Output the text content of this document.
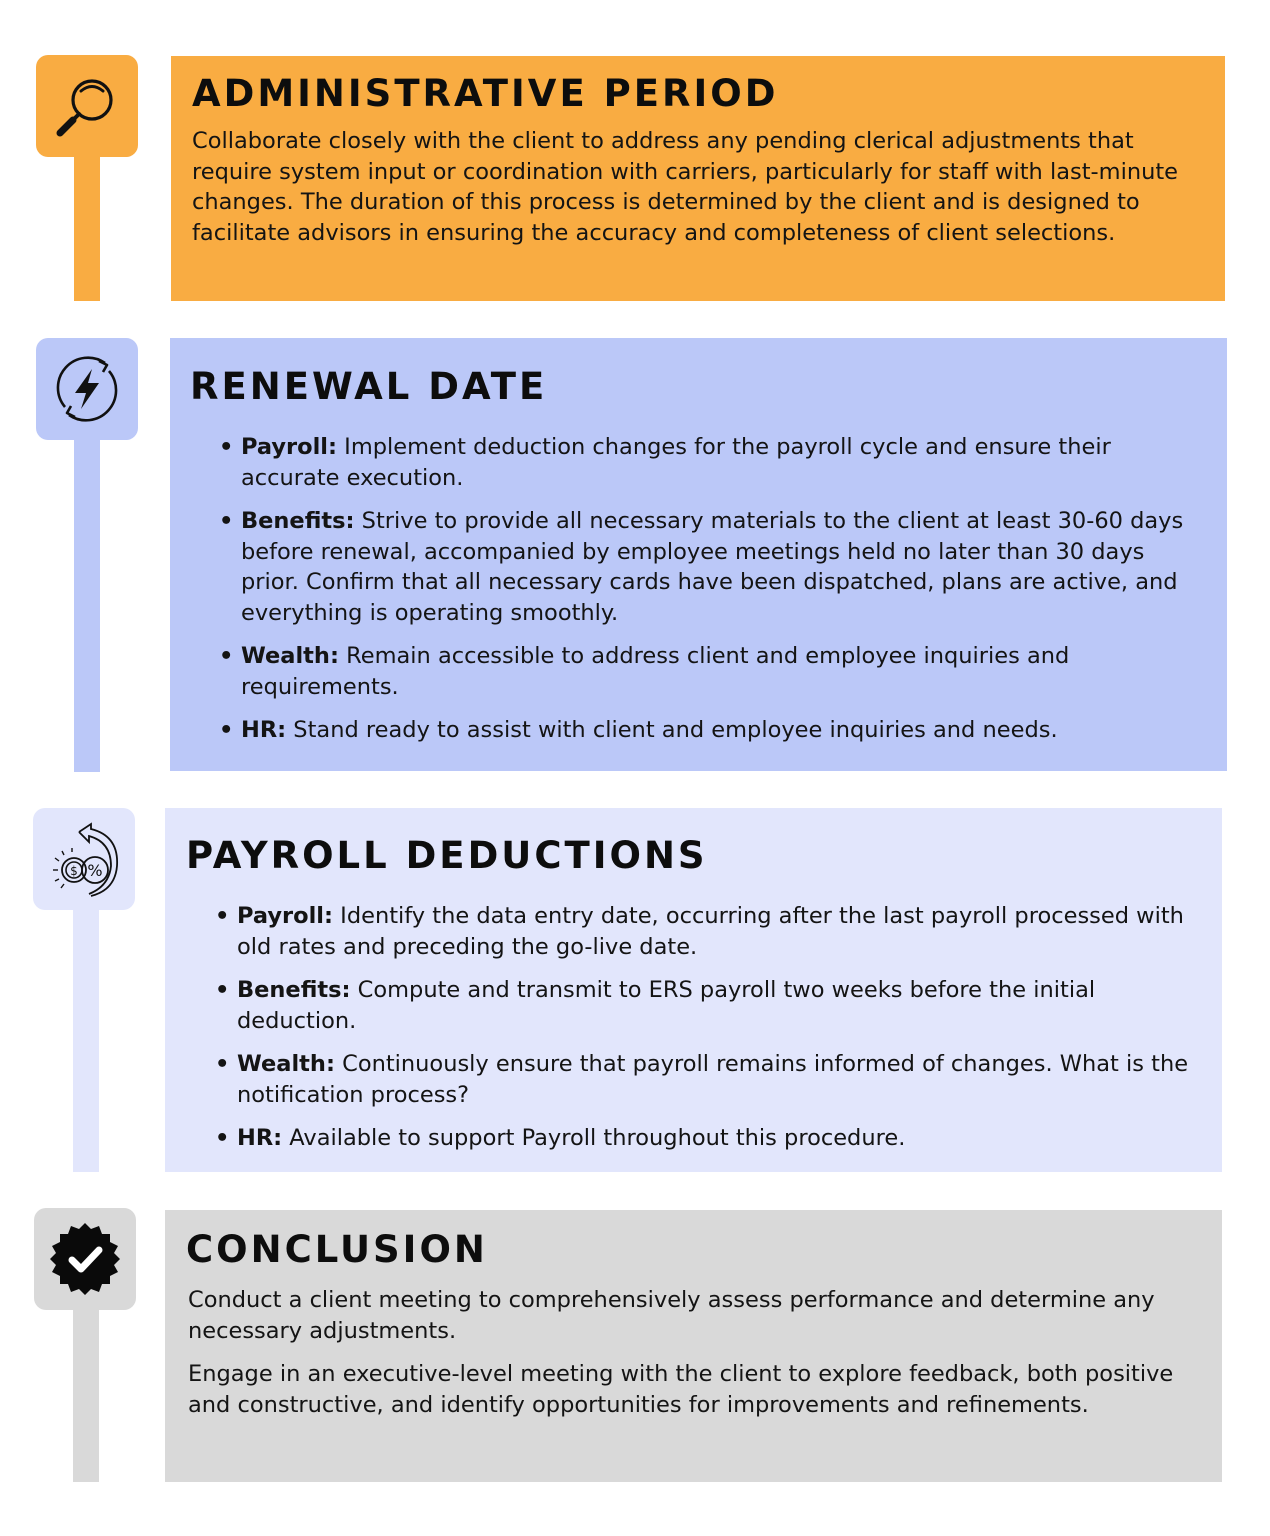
ADMINISTRATIVE PERIOD

Collaborate closely with the client to address any pending clerical adjustments that require system input or coordination with carriers, particularly for staff with last-minute changes. The duration of this process is determined by the client and is designed to facilitate advisors in ensuring the accuracy and completeness of client selections.

RENEWAL DATE
• Payroll: Implement deduction changes for the payroll cycle and ensure their accurate execution.
• Benefits: Strive to provide all necessary materials to the client at least 30-60 days before renewal, accompanied by employee meetings held no later than 30 days prior. Confirm that all necessary cards have been dispatched, plans are active, and everything is operating smoothly.
• Wealth: Remain accessible to address client and employee inquiries and requirements.
• HR: Stand ready to assist with client and employee inquiries and needs.
$ % PAYROLL DEDUCTIONS
• Payroll: Identify the data entry date, occurring after the last payroll processed with old rates and preceding the go-live date.
• Benefits: Compute and transmit to ERS payroll two weeks before the initial deduction.
• Wealth: Continuously ensure that payroll remains informed of changes. What is the notification process?
• HR: Available to support Payroll throughout this procedure.
CONCLUSION

Conduct a client meeting to comprehensively assess performance and determine any necessary adjustments.

Engage in an executive-level meeting with the client to explore feedback, both positive and constructive, and identify opportunities for improvements and refinements.
